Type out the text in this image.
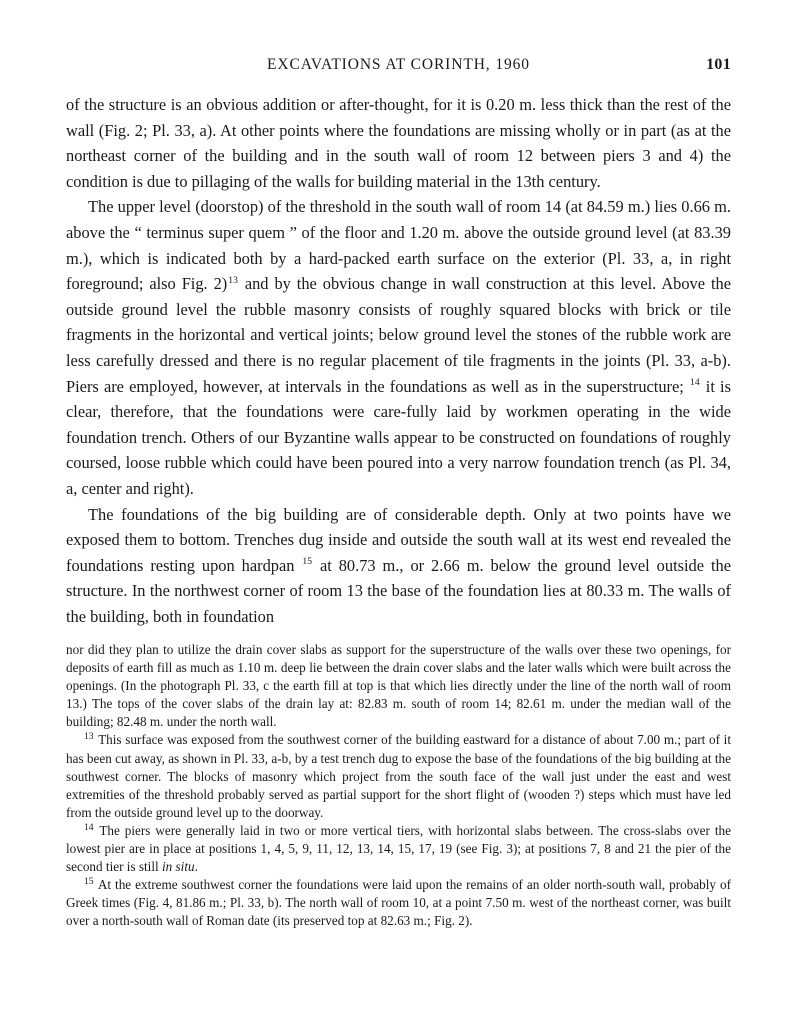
EXCAVATIONS AT CORINTH, 1960	101

of the structure is an obvious addition or after-thought, for it is 0.20 m. less thick than the rest of the wall (Fig. 2; Pl. 33, a). At other points where the foundations are missing wholly or in part (as at the northeast corner of the building and in the south wall of room 12 between piers 3 and 4) the condition is due to pillaging of the walls for building material in the 13th century.

The upper level (doorstop) of the threshold in the south wall of room 14 (at 84.59 m.) lies 0.66 m. above the “ terminus super quem ” of the floor and 1.20 m. above the outside ground level (at 83.39 m.), which is indicated both by a hard-packed earth surface on the exterior (Pl. 33, a, in right foreground; also Fig. 2)$^{13}$ and by the obvious change in wall construction at this level. Above the outside ground level the rubble masonry consists of roughly squared blocks with brick or tile fragments in the horizontal and vertical joints; below ground level the stones of the rubble work are less carefully dressed and there is no regular placement of tile fragments in the joints (Pl. 33, a-b). Piers are employed, however, at intervals in the foundations as well as in the superstructure; $^{14}$ it is clear, therefore, that the foundations were care-fully laid by workmen operating in the wide foundation trench. Others of our Byzantine walls appear to be constructed on foundations of roughly coursed, loose rubble which could have been poured into a very narrow foundation trench (as Pl. 34, a, center and right).

The foundations of the big building are of considerable depth. Only at two points have we exposed them to bottom. Trenches dug inside and outside the south wall at its west end revealed the foundations resting upon hardpan $^{15}$ at 80.73 m., or 2.66 m. below the ground level outside the structure. In the northwest corner of room 13 the base of the foundation lies at 80.33 m. The walls of the building, both in foundation

nor did they plan to utilize the drain cover slabs as support for the superstructure of the walls over these two openings, for deposits of earth fill as much as 1.10 m. deep lie between the drain cover slabs and the later walls which were built across the openings. (In the photograph Pl. 33, c the earth fill at top is that which lies directly under the line of the north wall of room 13.) The tops of the cover slabs of the drain lay at: 82.83 m. south of room 14; 82.61 m. under the median wall of the building; 82.48 m. under the north wall.

$^{13}$ This surface was exposed from the southwest corner of the building eastward for a distance of about 7.00 m.; part of it has been cut away, as shown in Pl. 33, a-b, by a test trench dug to expose the base of the foundations of the big building at the southwest corner. The blocks of masonry which project from the south face of the wall just under the east and west extremities of the threshold probably served as partial support for the short flight of (wooden ?) steps which must have led from the outside ground level up to the doorway.

$^{14}$ The piers were generally laid in two or more vertical tiers, with horizontal slabs between. The cross-slabs over the lowest pier are in place at positions 1, 4, 5, 9, 11, 12, 13, 14, 15, 17, 19 (see Fig. 3); at positions 7, 8 and 21 the pier of the second tier is still in situ.

$^{15}$ At the extreme southwest corner the foundations were laid upon the remains of an older north-south wall, probably of Greek times (Fig. 4, 81.86 m.; Pl. 33, b). The north wall of room 10, at a point 7.50 m. west of the northeast corner, was built over a north-south wall of Roman date (its preserved top at 82.63 m.; Fig. 2).
